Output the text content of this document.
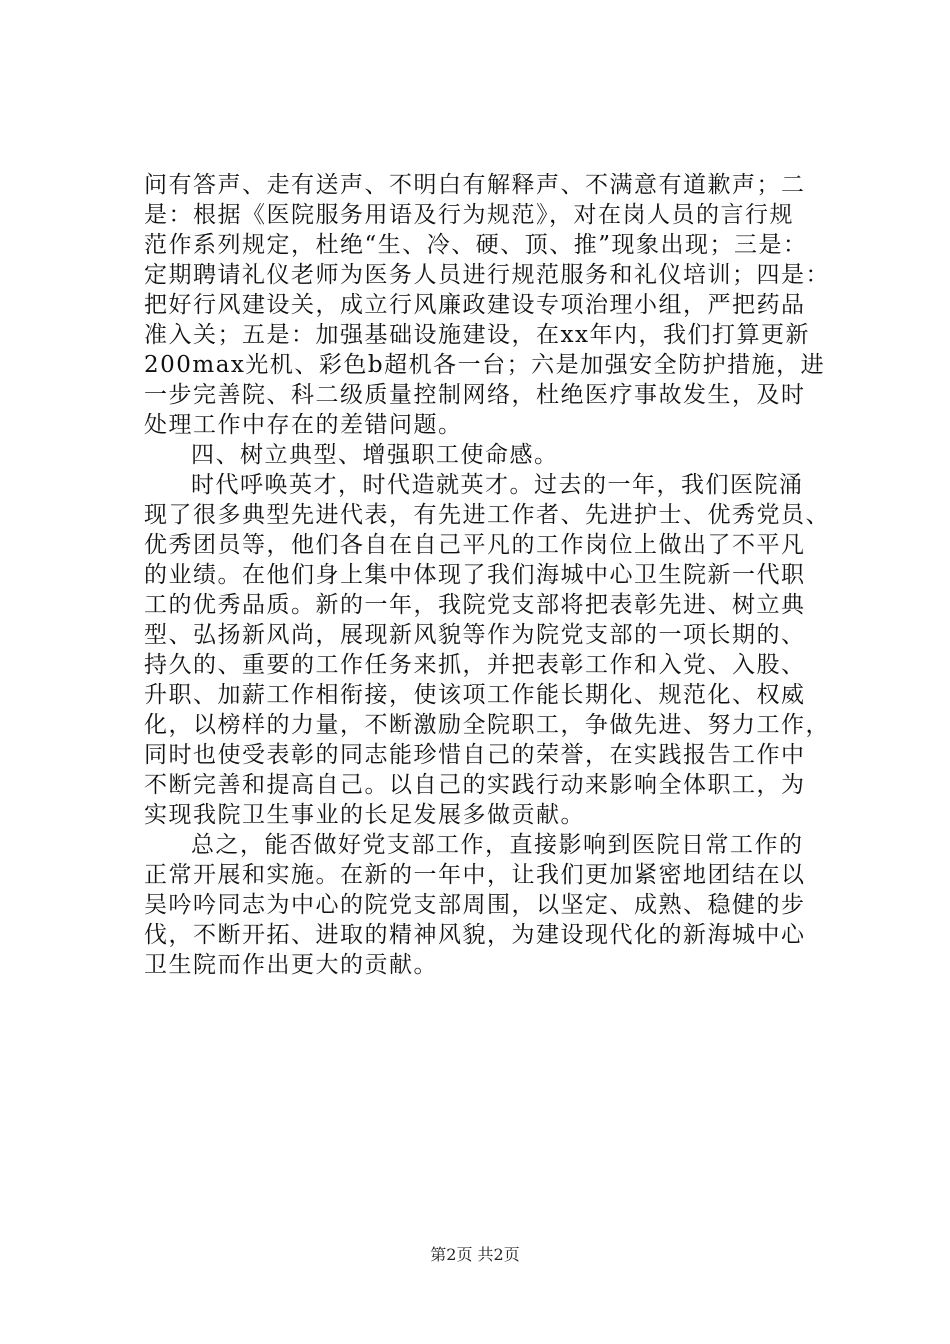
问有答声、走有送声、不明白有解释声、不满意有道歉声；二
是：根据《医院服务用语及行为规范》，对在岗人员的言行规
范作系列规定，杜绝“生、冷、硬、顶、推”现象出现；三是：
定期聘请礼仪老师为医务人员进行规范服务和礼仪培训；四是：
把好行风建设关，成立行风廉政建设专项治理小组，严把药品
准入关；五是：加强基础设施建设，在xx年内，我们打算更新
200max光机、彩色b超机各一台；六是加强安全防护措施，进
一步完善院、科二级质量控制网络，杜绝医疗事故发生，及时
处理工作中存在的差错问题。
四、树立典型、增强职工使命感。
时代呼唤英才，时代造就英才。过去的一年，我们医院涌
现了很多典型先进代表，有先进工作者、先进护士、优秀党员、
优秀团员等，他们各自在自己平凡的工作岗位上做出了不平凡
的业绩。在他们身上集中体现了我们海城中心卫生院新一代职
工的优秀品质。新的一年，我院党支部将把表彰先进、树立典
型、弘扬新风尚，展现新风貌等作为院党支部的一项长期的、
持久的、重要的工作任务来抓，并把表彰工作和入党、入股、
升职、加薪工作相衔接，使该项工作能长期化、规范化、权威
化，以榜样的力量，不断激励全院职工，争做先进、努力工作，
同时也使受表彰的同志能珍惜自己的荣誉，在实践报告工作中
不断完善和提高自己。以自己的实践行动来影响全体职工，为
实现我院卫生事业的长足发展多做贡献。
总之，能否做好党支部工作，直接影响到医院日常工作的
正常开展和实施。在新的一年中，让我们更加紧密地团结在以
吴吟吟同志为中心的院党支部周围，以坚定、成熟、稳健的步
伐，不断开拓、进取的精神风貌，为建设现代化的新海城中心
卫生院而作出更大的贡献。
第2页 共2页
